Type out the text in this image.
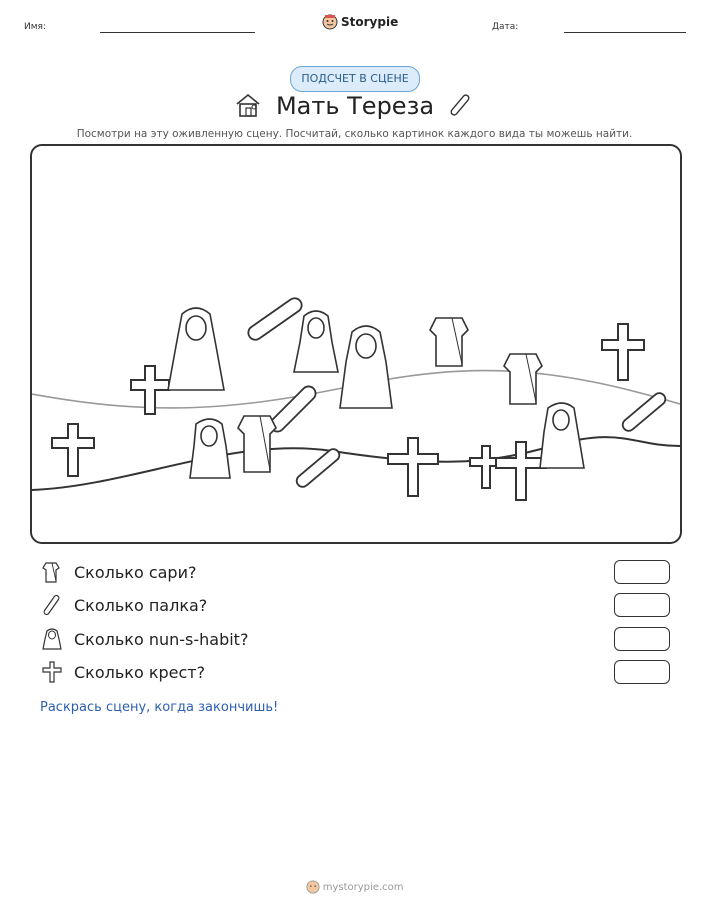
Имя:	Storypie	Дата:
ПОДСЧЕТ В СЦЕНЕ
Мать Тереза
Посмотри на эту оживленную сцену. Посчитай, сколько картинок каждого вида ты можешь найти.
Сколько сари?
Сколько палка?
Сколько nun-s-habit?
Сколько крест?
Раскрась сцену, когда закончишь!
mystorypie.com
